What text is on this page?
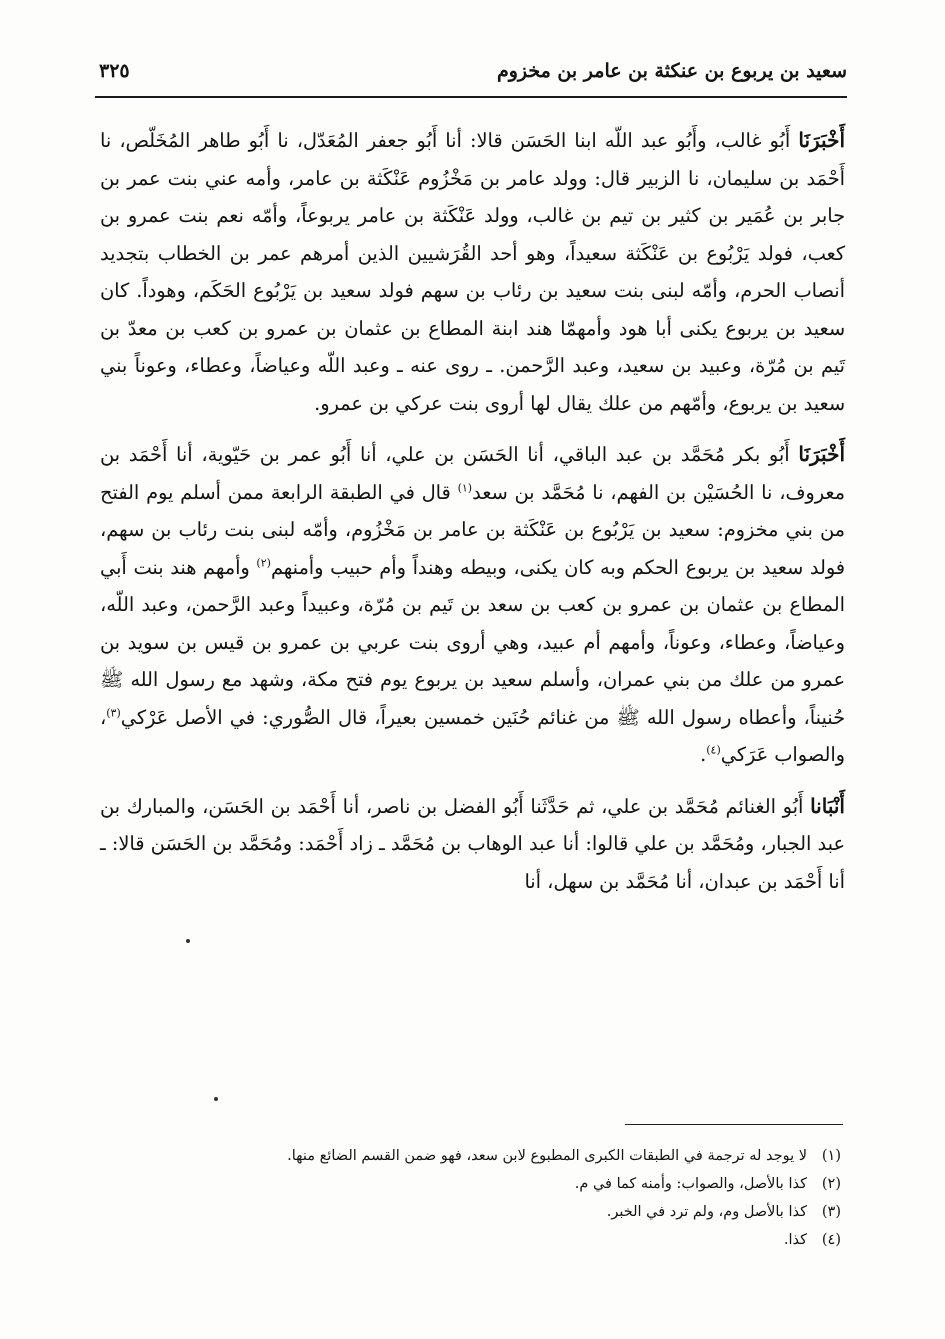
سعيد بن يربوع بن عنكثة بن عامر بن مخزوم
٣٢٥

أَخْبَرَنَا أَبُو غالب، وأَبُو عبد اللّه ابنا الحَسَن قالا: أنا أَبُو جعفر المُعَدّل، نا أَبُو طاهر المُخَلّص، نا أَحْمَد بن سليمان، نا الزبير قال: وولد عامر بن مَخْزُوم عَنْكَثة بن عامر، وأمه عني بنت عمر بن جابر بن عُمَير بن كثير بن تيم بن غالب، وولد عَنْكَثة بن عامر يربوعاً، وأمّه نعم بنت عمرو بن كعب، فولد يَرْبُوع بن عَنْكَثة سعيداً، وهو أحد القُرَشيين الذين أمرهم عمر بن الخطاب بتجديد أنصاب الحرم، وأمّه لبنى بنت سعيد بن رئاب بن سهم فولد سعيد بن يَرْبُوع الحَكَم، وهوداً. كان سعيد بن يربوع يكنى أبا هود وأمهمّا هند ابنة المطاع بن عثمان بن عمرو بن كعب بن معدّ بن تَيم بن مُرّة، وعبيد بن سعيد، وعبد الرَّحمن. ـ روى عنه ـ وعبد اللّه وعياضاً، وعطاء، وعوناً بني سعيد بن يربوع، وأمّهم من علك يقال لها أروى بنت عركي بن عمرو.

أَخْبَرَنَا أَبُو بكر مُحَمَّد بن عبد الباقي، أنا الحَسَن بن علي، أنا أَبُو عمر بن حَيّوية، أنا أَحْمَد بن معروف، نا الحُسَيْن بن الفهم، نا مُحَمَّد بن سعد$^{(١)}$ قال في الطبقة الرابعة ممن أسلم يوم الفتح من بني مخزوم: سعيد بن يَرْبُوع بن عَنْكَثة بن عامر بن مَخْزُوم، وأمّه لبنى بنت رئاب بن سهم، فولد سعيد بن يربوع الحكم وبه كان يكنى، وبيطه وهنداً وأم حبيب وأمنهم$^{(٢)}$ وأمهم هند بنت أَبي المطاع بن عثمان بن عمرو بن كعب بن سعد بن تَيم بن مُرّة، وعبيداً وعبد الرَّحمن، وعبد اللّه، وعياضاً، وعطاء، وعوناً، وأمهم أم عبيد، وهي أروى بنت عربي بن عمرو بن قيس بن سويد بن عمرو من علك من بني عمران، وأسلم سعيد بن يربوع يوم فتح مكة، وشهد مع رسول الله ﷺ حُنيناً، وأعطاه رسول الله ﷺ من غنائم حُنَين خمسين بعيراً، قال الصُّوري: في الأصل عَرْكي$^{(٣)}$، والصواب عَرَكي$^{(٤)}$.

أَنْبَانا أَبُو الغنائم مُحَمَّد بن علي، ثم حَدَّثَنا أَبُو الفضل بن ناصر، أنا أَحْمَد بن الحَسَن، والمبارك بن عبد الجبار، ومُحَمَّد بن علي قالوا: أنا عبد الوهاب بن مُحَمَّد ـ زاد أَحْمَد: ومُحَمَّد بن الحَسَن قالا: ـ أنا أَحْمَد بن عبدان، أنا مُحَمَّد بن سهل، أنا

(١)لا يوجد له ترجمة في الطبقات الكبرى المطبوع لابن سعد، فهو ضمن القسم الضائع منها.
(٢)كذا بالأصل، والصواب: وأمنه كما في م.
(٣)كذا بالأصل وم، ولم ترد في الخبر.
(٤)كذا.
